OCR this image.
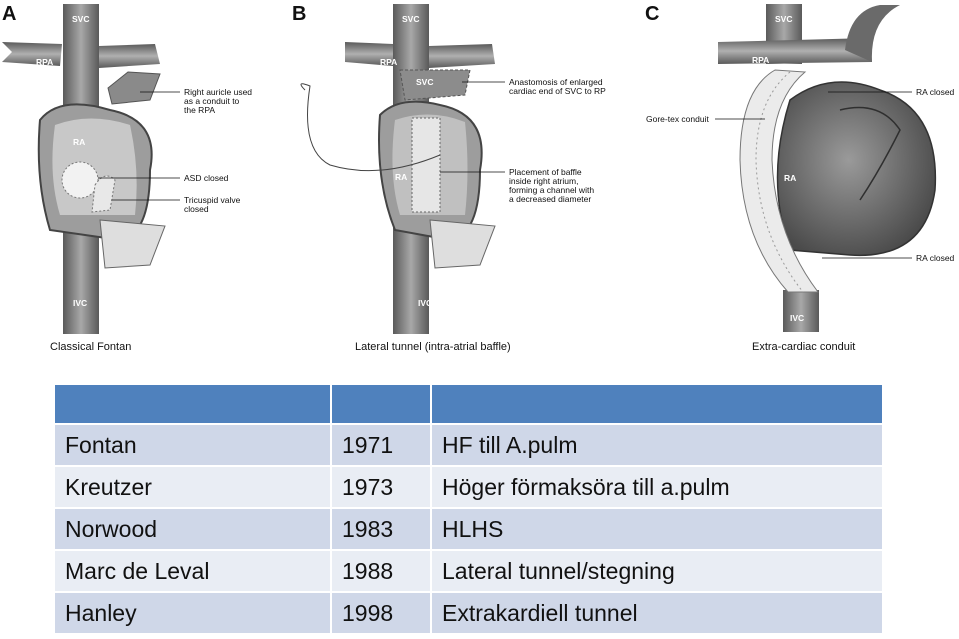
A	SVC
RPA
RA
IVC
Right auricle used as a conduit to the RPA
ASD closed
Tricuspid valve closed
Classical Fontan
B	SVC
RPA
SVC
RA
IVC
Anastomosis of enlarged cardiac end of SVC to RP
Placement of baffle inside right atrium, forming a channel with a decreased diameter
Lateral tunnel (intra-atrial baffle)
C	SVC
RPA
RA
IVC
Gore-tex conduit
RA closed
RA closed
Extra-cardiac conduit

Fontan	1971	HF till A.pulm
Kreutzer	1973	Höger förmaksöra till a.pulm
Norwood	1983	HLHS
Marc de Leval	1988	Lateral tunnel/stegning
Hanley	1998	Extrakardiell tunnel
